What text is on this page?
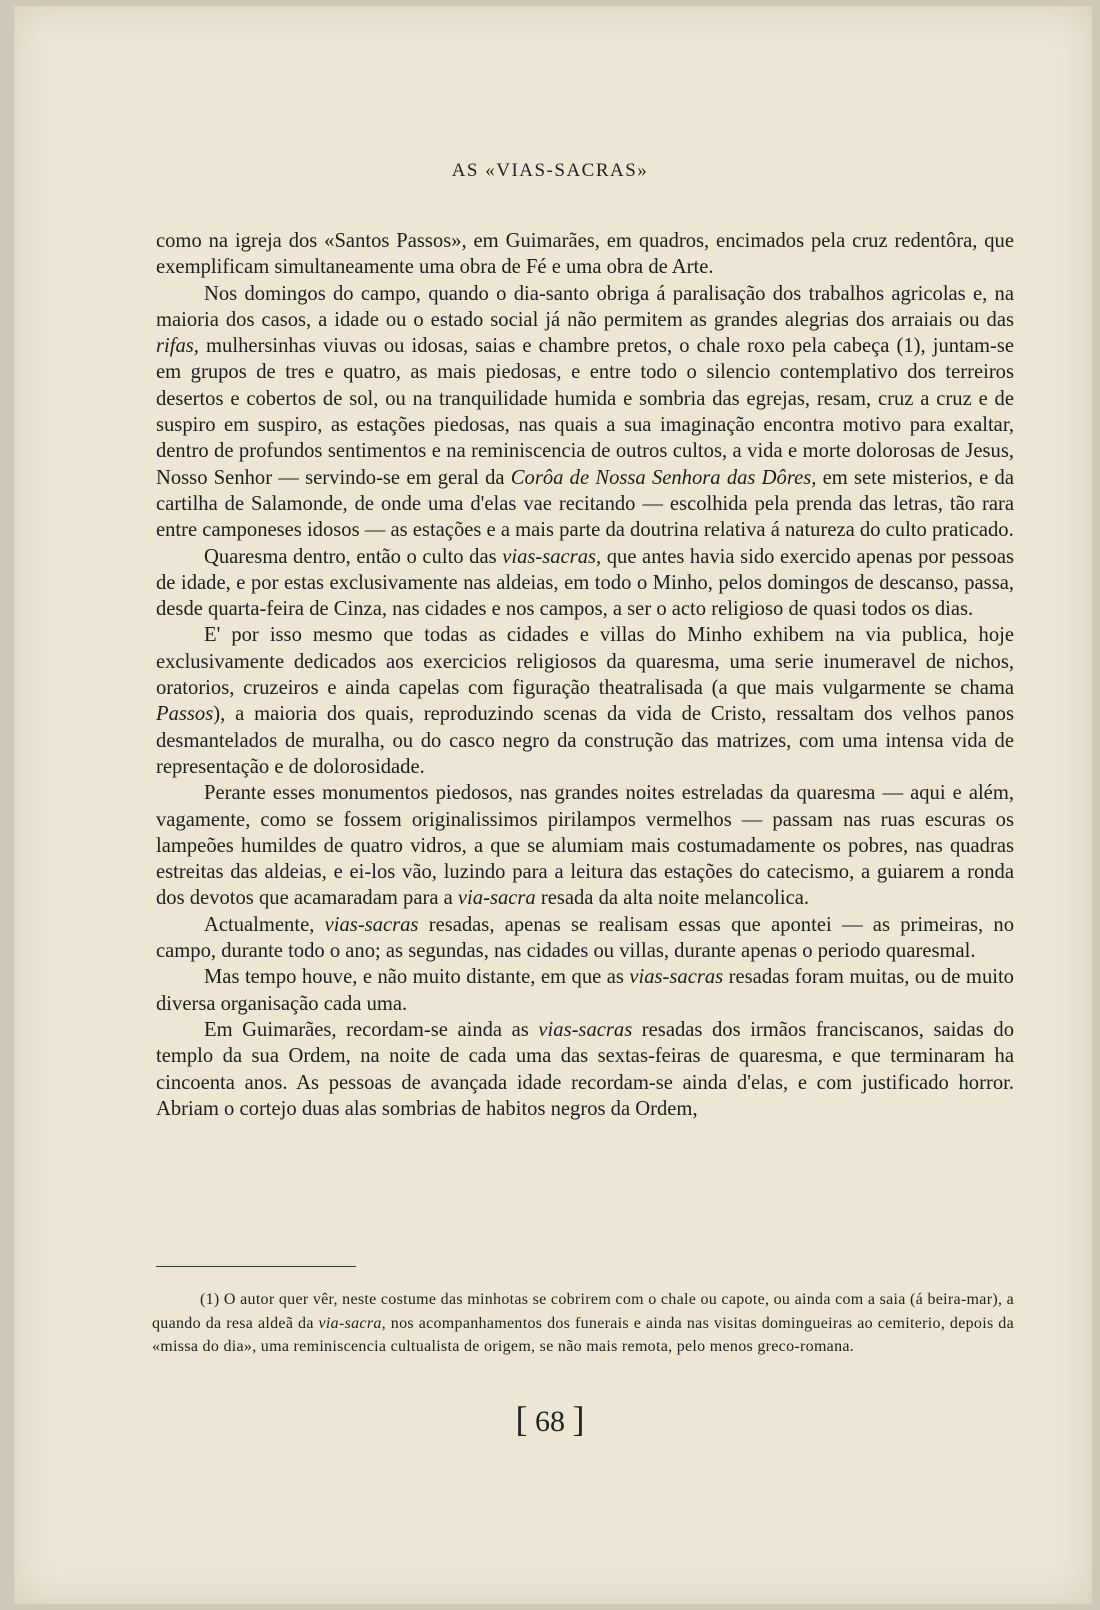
AS «VIAS-SACRAS»

como na igreja dos «Santos Passos», em Guimarães, em quadros, encimados pela cruz redentôra, que exemplificam simultaneamente uma obra de Fé e uma obra de Arte.

Nos domingos do campo, quando o dia-santo obriga á paralisação dos trabalhos agricolas e, na maioria dos casos, a idade ou o estado social já não permitem as grandes alegrias dos arraiais ou das rifas, mulhersinhas viuvas ou idosas, saias e chambre pretos, o chale roxo pela cabeça (1), juntam-se em grupos de tres e quatro, as mais piedosas, e entre todo o silencio contemplativo dos terreiros desertos e cobertos de sol, ou na tranquilidade humida e sombria das egrejas, resam, cruz a cruz e de suspiro em suspiro, as estações piedosas, nas quais a sua imaginação encontra motivo para exaltar, dentro de profundos sentimentos e na reminiscencia de outros cultos, a vida e morte dolorosas de Jesus, Nosso Senhor — servindo-se em geral da Corôa de Nossa Senhora das Dôres, em sete misterios, e da cartilha de Salamonde, de onde uma d'elas vae recitando — escolhida pela prenda das letras, tão rara entre camponeses idosos — as estações e a mais parte da doutrina relativa á natureza do culto praticado.

Quaresma dentro, então o culto das vias-sacras, que antes havia sido exercido apenas por pessoas de idade, e por estas exclusivamente nas aldeias, em todo o Minho, pelos domingos de descanso, passa, desde quarta-feira de Cinza, nas cidades e nos campos, a ser o acto religioso de quasi todos os dias.

E' por isso mesmo que todas as cidades e villas do Minho exhibem na via publica, hoje exclusivamente dedicados aos exercicios religiosos da quaresma, uma serie inumeravel de nichos, oratorios, cruzeiros e ainda capelas com figuração theatralisada (a que mais vulgarmente se chama Passos), a maioria dos quais, reproduzindo scenas da vida de Cristo, ressaltam dos velhos panos desmantelados de muralha, ou do casco negro da construção das matrizes, com uma intensa vida de representação e de dolorosidade.

Perante esses monumentos piedosos, nas grandes noites estreladas da quaresma — aqui e além, vagamente, como se fossem originalissimos pirilampos vermelhos — passam nas ruas escuras os lampeões humildes de quatro vidros, a que se alumiam mais costumadamente os pobres, nas quadras estreitas das aldeias, e ei-los vão, luzindo para a leitura das estações do catecismo, a guiarem a ronda dos devotos que acamaradam para a via-sacra resada da alta noite melancolica.

Actualmente, vias-sacras resadas, apenas se realisam essas que apontei — as primeiras, no campo, durante todo o ano; as segundas, nas cidades ou villas, durante apenas o periodo quaresmal.

Mas tempo houve, e não muito distante, em que as vias-sacras resadas foram muitas, ou de muito diversa organisação cada uma.

Em Guimarães, recordam-se ainda as vias-sacras resadas dos irmãos franciscanos, saidas do templo da sua Ordem, na noite de cada uma das sextas-feiras de quaresma, e que terminaram ha cincoenta anos. As pessoas de avançada idade recordam-se ainda d'elas, e com justificado horror. Abriam o cortejo duas alas sombrias de habitos negros da Ordem,

(1) O autor quer vêr, neste costume das minhotas se cobrirem com o chale ou capote, ou ainda com a saia (á beira-mar), a quando da resa aldeã da via-sacra, nos acompanhamentos dos funerais e ainda nas visitas domingueiras ao cemiterio, depois da «missa do dia», uma reminiscencia cultualista de origem, se não mais remota, pelo menos greco-romana.

[ 68 ]
